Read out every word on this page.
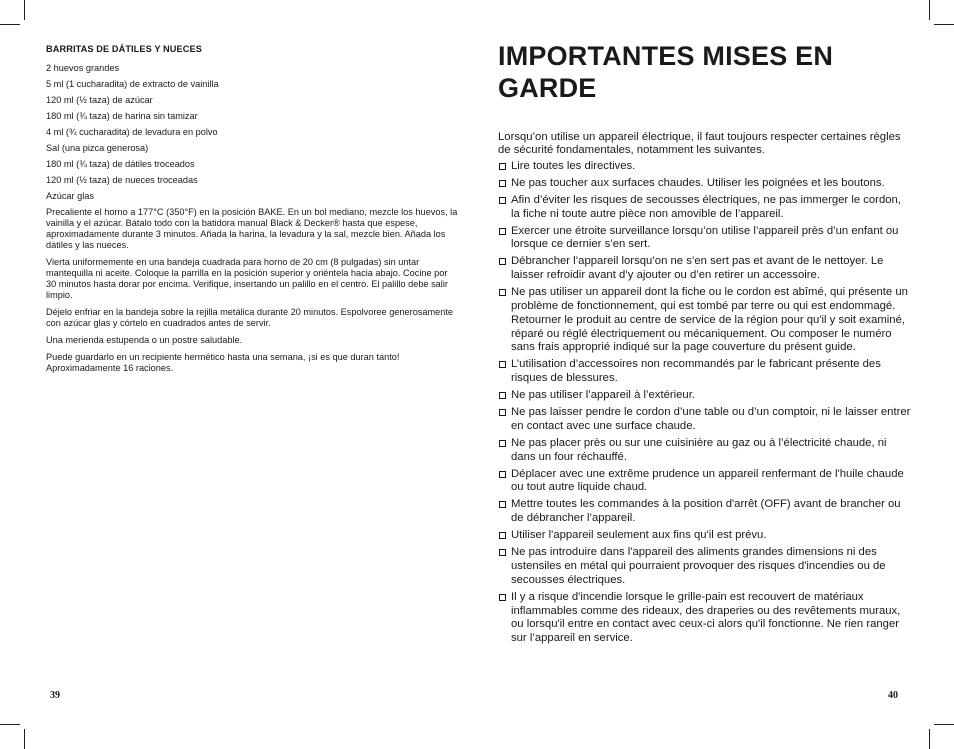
BARRITAS DE DÁTILES Y NUECES
2 huevos grandes
5 ml (1 cucharadita) de extracto de vainilla
120 ml (½ taza) de azúcar
180 ml (¾ taza) de harina sin tamizar
4 ml (¾ cucharadita) de levadura en polvo
Sal (una pizca generosa)
180 ml (¾ taza) de dátiles troceados
120 ml (½ taza) de nueces troceadas
Azúcar glas

Precaliente el horno a 177°C (350°F) en la posición BAKE. En un bol mediano, mezcle los huevos, la vainilla y el azúcar. Bátalo todo con la batidora manual Black & Decker® hasta que espese, aproximadamente durante 3 minutos. Añada la harina, la levadura y la sal, mezcle bien. Añada los dátiles y las nueces.

Vierta uniformemente en una bandeja cuadrada para horno de 20 cm (8 pulgadas) sin untar mantequilla ni aceite. Coloque la parrilla en la posición superior y oriéntela hacia abajo. Cocine por 30 minutos hasta dorar por encima. Verifique, insertando un palillo en el centro. El palillo debe salir limpio.

Déjelo enfriar en la bandeja sobre la rejilla metálica durante 20 minutos. Espolvoree generosamente con azúcar glas y córtelo en cuadrados antes de servir.

Una merienda estupenda o un postre saludable.

Puede guardarlo en un recipiente hermético hasta una semana, ¡si es que duran tanto! Aproximadamente 16 raciones.

39
IMPORTANTES MISES EN GARDE

Lorsqu’on utilise un appareil électrique, il faut toujours respecter certaines règles de sécurité fondamentales, notamment les suivantes.

Lire toutes les directives.
Ne pas toucher aux surfaces chaudes. Utiliser les poignées et les boutons.
Afin d’éviter les risques de secousses électriques, ne pas immerger le cordon, la fiche ni toute autre pièce non amovible de l’appareil.
Exercer une étroite surveillance lorsqu’on utilise l’appareil près d’un enfant ou lorsque ce dernier s’en sert.
Débrancher l’appareil lorsqu’on ne s’en sert pas et avant de le nettoyer. Le laisser refroidir avant d’y ajouter ou d’en retirer un accessoire.
Ne pas utiliser un appareil dont la fiche ou le cordon est abîmé, qui présente un problème de fonctionnement, qui est tombé par terre ou qui est endommagé. Retourner le produit au centre de service de la région pour qu'il y soit examiné, réparé ou réglé électriquement ou mécaniquement. Ou composer le numéro sans frais approprié indiqué sur la page couverture du présent guide.
L’utilisation d’accessoires non recommandés par le fabricant présente des risques de blessures.
Ne pas utiliser l’appareil à l’extérieur.
Ne pas laisser pendre le cordon d’une table ou d’un comptoir, ni le laisser entrer en contact avec une surface chaude.
Ne pas placer près ou sur une cuisinière au gaz ou à l’électricité chaude, ni dans un four réchauffé.
Déplacer avec une extrême prudence un appareil renfermant de l'huile chaude ou tout autre liquide chaud.
Mettre toutes les commandes à la position d'arrêt (OFF) avant de brancher ou de débrancher l’appareil.
Utiliser l'appareil seulement aux fins qu'il est prévu.
Ne pas introduire dans l'appareil des aliments grandes dimensions ni des ustensiles en métal qui pourraient provoquer des risques d'incendies ou de secousses électriques.
Il y a risque d'incendie lorsque le grille-pain est recouvert de matériaux inflammables comme des rideaux, des draperies ou des revêtements muraux, ou lorsqu'il entre en contact avec ceux-ci alors qu'il fonctionne. Ne rien ranger sur l’appareil en service.
40
